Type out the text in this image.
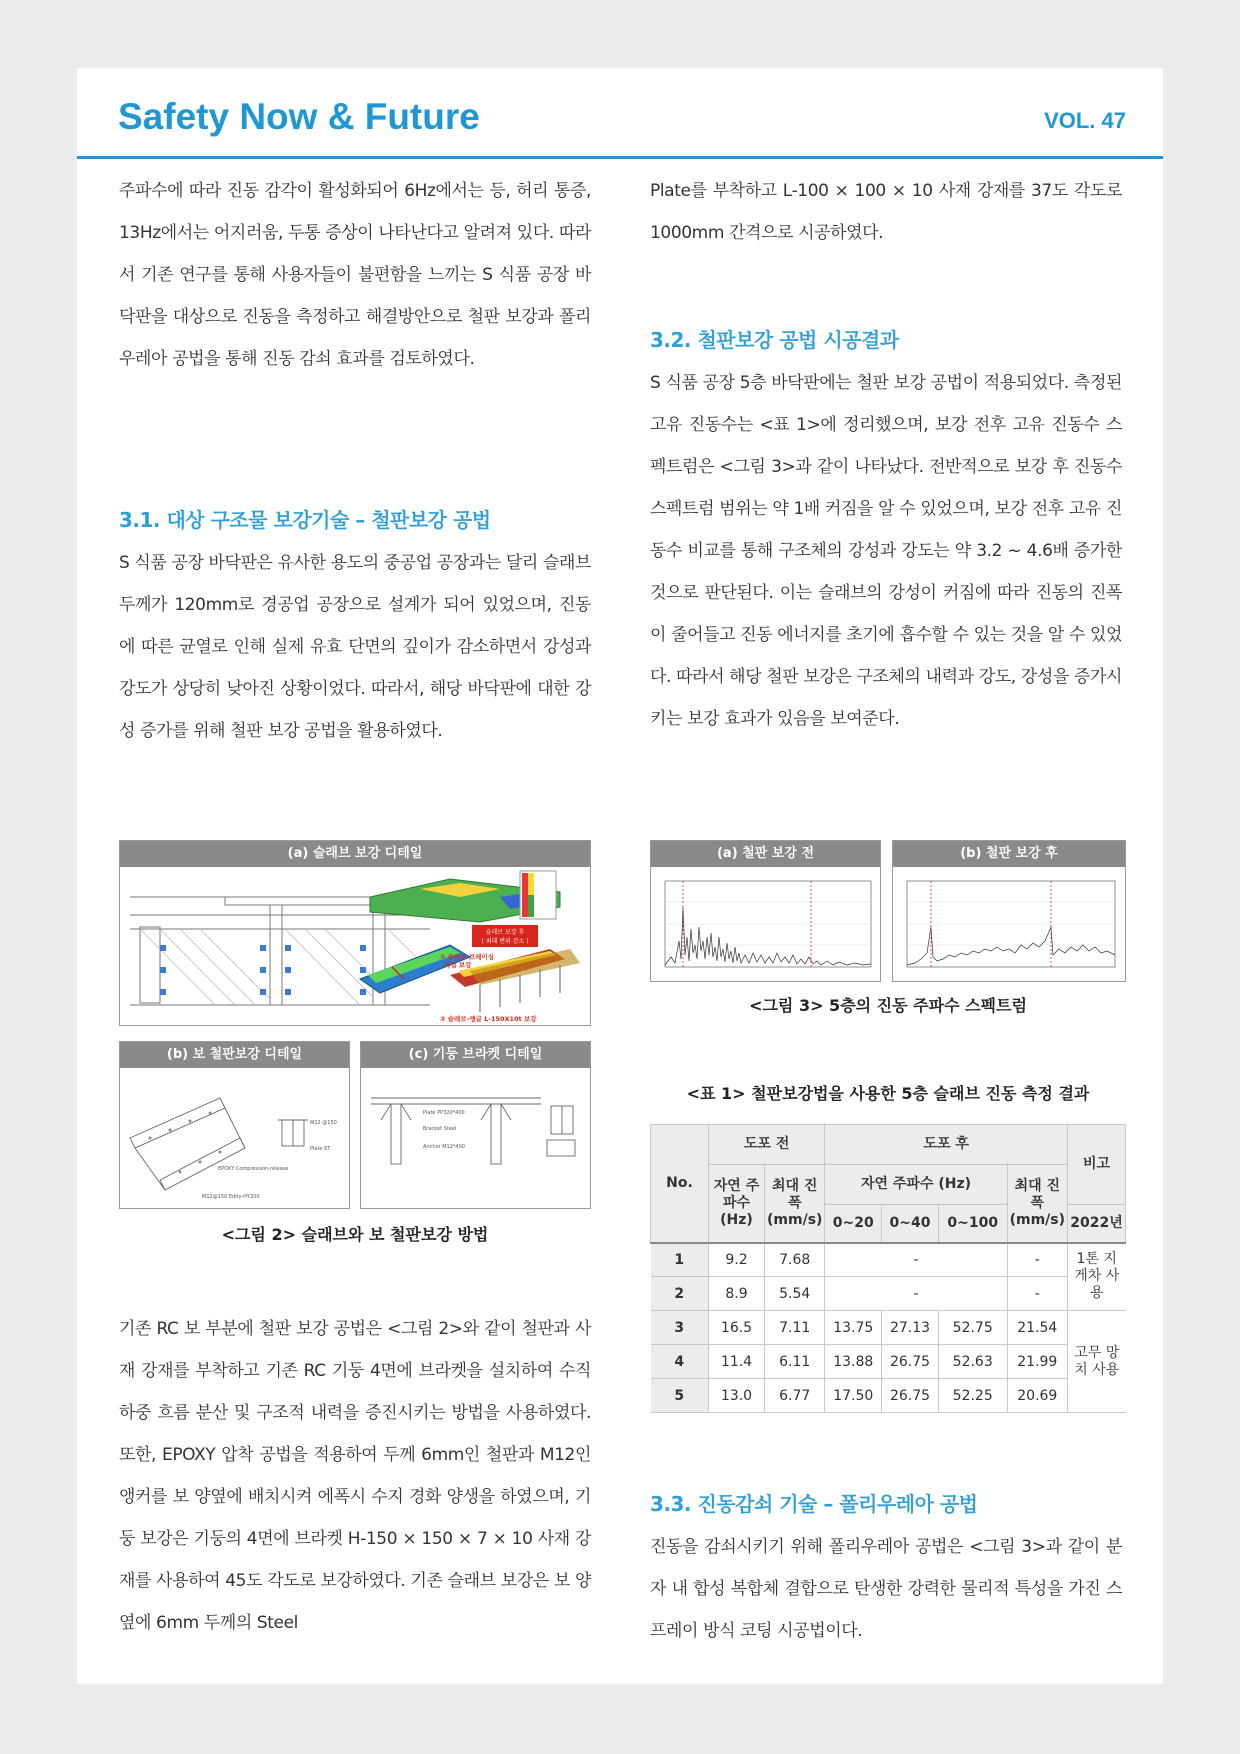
Safety Now & Future	VOL. 47

주파수에 따라 진동 감각이 활성화되어 6Hz에서는 등, 허리 통증, 13Hz에서는 어지러움, 두통 증상이 나타난다고 알려져 있다. 따라서 기존 연구를 통해 사용자들이 불편함을 느끼는 S 식품 공장 바닥판을 대상으로 진동을 측정하고 해결방안으로 철판 보강과 폴리우레아 공법을 통해 진동 감쇠 효과를 검토하였다.

3.1. 대상 구조물 보강기술 – 철판보강 공법

S 식품 공장 바닥판은 유사한 용도의 중공업 공장과는 달리 슬래브 두께가 120mm로 경공업 공장으로 설계가 되어 있었으며, 진동에 따른 균열로 인해 실제 유효 단면의 깊이가 감소하면서 강성과 강도가 상당히 낮아진 상황이었다. 따라서, 해당 바닥판에 대한 강성 증가를 위해 철판 보강 공법을 활용하였다.

(a) 슬래브 보강 디테일
슬래브 보강 후
( 최대 변위 감소 )
① 슬래브 브레이싱
직접 보강
② 슬래브-앵글 L-150X10t 보강
(b) 보 철판보강 디테일
M12 @150
EPOXY Compression-release
Plate 6T
M12@150 Edity-HY200
(c) 기둥 브라켓 디테일
Plate PP320*400
Bracket Steel
Anchor M12*400
<그림 2> 슬래브와 보 철판보강 방법

기존 RC 보 부분에 철판 보강 공법은 <그림 2>와 같이 철판과 사재 강재를 부착하고 기존 RC 기둥 4면에 브라켓을 설치하여 수직 하중 흐름 분산 및 구조적 내력을 증진시키는 방법을 사용하였다. 또한, EPOXY 압착 공법을 적용하여 두께 6mm인 철판과 M12인 앵커를 보 양옆에 배치시켜 에폭시 수지 경화 양생을 하였으며, 기둥 보강은 기둥의 4면에 브라켓 H-150 × 150 × 7 × 10 사재 강재를 사용하여 45도 각도로 보강하였다. 기존 슬래브 보강은 보 양옆에 6mm 두께의 Steel

Plate를 부착하고 L-100 × 100 × 10 사재 강재를 37도 각도로 1000mm 간격으로 시공하였다.

3.2. 철판보강 공법 시공결과

S 식품 공장 5층 바닥판에는 철판 보강 공법이 적용되었다. 측정된 고유 진동수는 <표 1>에 정리했으며, 보강 전후 고유 진동수 스펙트럼은 <그림 3>과 같이 나타났다. 전반적으로 보강 후 진동수 스펙트럼 범위는 약 1배 커짐을 알 수 있었으며, 보강 전후 고유 진동수 비교를 통해 구조체의 강성과 강도는 약 3.2 ~ 4.6배 증가한 것으로 판단된다. 이는 슬래브의 강성이 커짐에 따라 진동의 진폭이 줄어들고 진동 에너지를 초기에 흡수할 수 있는 것을 알 수 있었다. 따라서 해당 철판 보강은 구조체의 내력과 강도, 강성을 증가시키는 보강 효과가 있음을 보여준다.

(a) 철판 보강 전	(b) 철판 보강 후
<그림 3> 5층의 진동 주파수 스펙트럼
<표 1> 철판보강법을 사용한 5층 슬래브 진동 측정 결과
No.	도포 전		도포 후				비고
	자연 주파수 (Hz)	최대 진폭 (mm/s)	자연 주파수 (Hz)			최대 진폭 (mm/s)	
			0~20	0~40	0~100		2022년
1	9.2	7.68	-			-	1톤 지게차 사용
2	8.9	5.54	-			-	
3	16.5	7.11	13.75	27.13	52.75	21.54	고무 망치 사용
4	11.4	6.11	13.88	26.75	52.63	21.99	
5	13.0	6.77	17.50	26.75	52.25	20.69	
3.3. 진동감쇠 기술 – 폴리우레아 공법

진동을 감쇠시키기 위해 폴리우레아 공법은 <그림 3>과 같이 분자 내 합성 복합체 결합으로 탄생한 강력한 물리적 특성을 가진 스프레이 방식 코팅 시공법이다.
